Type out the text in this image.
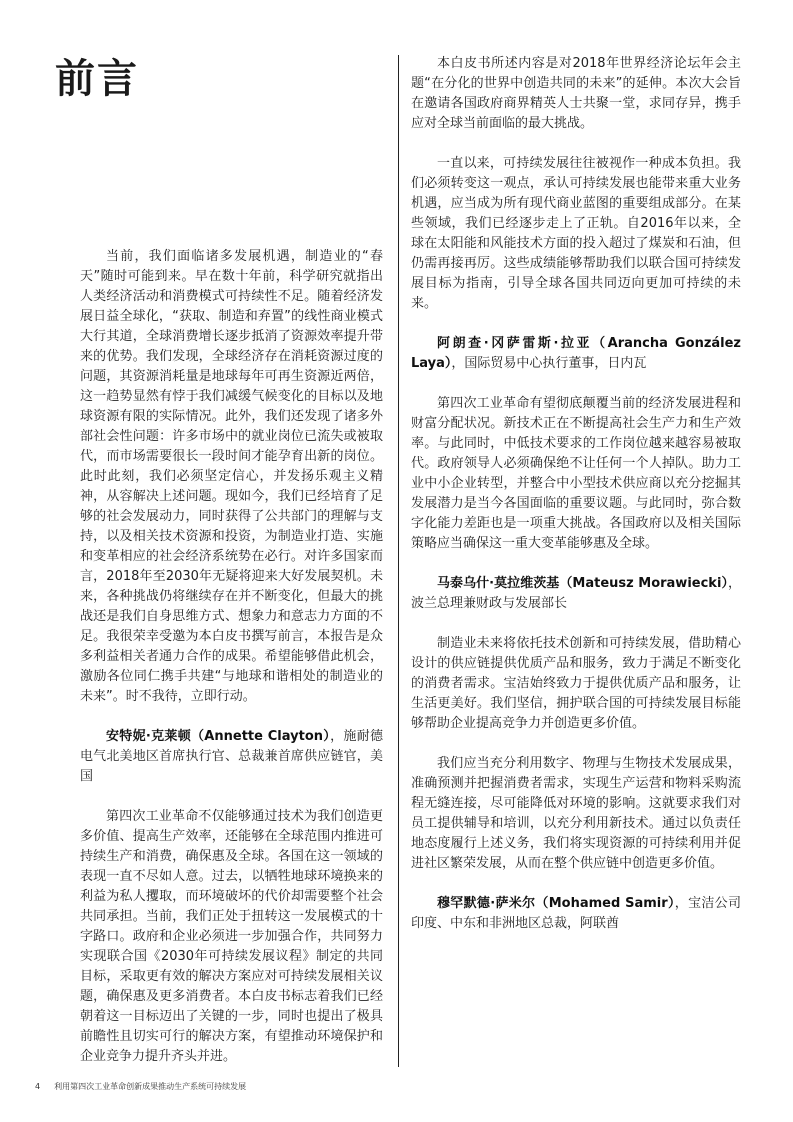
前言

当前，我们面临诸多发展机遇，制造业的“春天”随时可能到来。早在数十年前，科学研究就指出人类经济活动和消费模式可持续性不足。随着经济发展日益全球化，“获取、制造和弃置”的线性商业模式大行其道，全球消费增长逐步抵消了资源效率提升带来的优势。我们发现，全球经济存在消耗资源过度的问题，其资源消耗量是地球每年可再生资源近两倍，这一趋势显然有悖于我们减缓气候变化的目标以及地球资源有限的实际情况。此外，我们还发现了诸多外部社会性问题：许多市场中的就业岗位已流失或被取代，而市场需要很长一段时间才能孕育出新的岗位。此时此刻，我们必须坚定信心，并发扬乐观主义精神，从容解决上述问题。现如今，我们已经培育了足够的社会发展动力，同时获得了公共部门的理解与支持，以及相关技术资源和投资，为制造业打造、实施和变革相应的社会经济系统势在必行。对许多国家而言，2018年至2030年无疑将迎来大好发展契机。未来，各种挑战仍将继续存在并不断变化，但最大的挑战还是我们自身思维方式、想象力和意志力方面的不足。我很荣幸受邀为本白皮书撰写前言，本报告是众多利益相关者通力合作的成果。希望能够借此机会，激励各位同仁携手共建“与地球和谐相处的制造业的未来”。时不我待，立即行动。

安特妮·克莱顿（Annette Clayton），施耐德电气北美地区首席执行官、总裁兼首席供应链官，美国

第四次工业革命不仅能够通过技术为我们创造更多价值、提高生产效率，还能够在全球范围内推进可持续生产和消费，确保惠及全球。各国在这一领域的表现一直不尽如人意。过去，以牺牲地球环境换来的利益为私人攫取，而环境破坏的代价却需要整个社会共同承担。当前，我们正处于扭转这一发展模式的十字路口。政府和企业必须进一步加强合作，共同努力实现联合国《2030年可持续发展议程》制定的共同目标，采取更有效的解决方案应对可持续发展相关议题，确保惠及更多消费者。本白皮书标志着我们已经朝着这一目标迈出了关键的一步，同时也提出了极具前瞻性且切实可行的解决方案，有望推动环境保护和企业竞争力提升齐头并进。

本白皮书所述内容是对2018年世界经济论坛年会主题“在分化的世界中创造共同的未来”的延伸。本次大会旨在邀请各国政府商界精英人士共聚一堂，求同存异，携手应对全球当前面临的最大挑战。

一直以来，可持续发展往往被视作一种成本负担。我们必须转变这一观点，承认可持续发展也能带来重大业务机遇，应当成为所有现代商业蓝图的重要组成部分。在某些领域，我们已经逐步走上了正轨。自2016年以来，全球在太阳能和风能技术方面的投入超过了煤炭和石油，但仍需再接再厉。这些成绩能够帮助我们以联合国可持续发展目标为指南，引导全球各国共同迈向更加可持续的未来。

阿朗查·冈萨雷斯·拉亚（Arancha González Laya），国际贸易中心执行董事，日内瓦

第四次工业革命有望彻底颠覆当前的经济发展进程和财富分配状况。新技术正在不断提高社会生产力和生产效率。与此同时，中低技术要求的工作岗位越来越容易被取代。政府领导人必须确保绝不让任何一个人掉队。助力工业中小企业转型，并整合中小型技术供应商以充分挖掘其发展潜力是当今各国面临的重要议题。与此同时，弥合数字化能力差距也是一项重大挑战。各国政府以及相关国际策略应当确保这一重大变革能够惠及全球。

马泰乌什·莫拉维茨基（Mateusz Morawiecki），波兰总理兼财政与发展部长

制造业未来将依托技术创新和可持续发展，借助精心设计的供应链提供优质产品和服务，致力于满足不断变化的消费者需求。宝洁始终致力于提供优质产品和服务，让生活更美好。我们坚信，拥护联合国的可持续发展目标能够帮助企业提高竞争力并创造更多价值。

我们应当充分利用数字、物理与生物技术发展成果，准确预测并把握消费者需求，实现生产运营和物料采购流程无缝连接，尽可能降低对环境的影响。这就要求我们对员工提供辅导和培训，以充分利用新技术。通过以负责任地态度履行上述义务，我们将实现资源的可持续利用并促进社区繁荣发展，从而在整个供应链中创造更多价值。

穆罕默德·萨米尔（Mohamed Samir），宝洁公司印度、中东和非洲地区总裁，阿联酋

4 利用第四次工业革命创新成果推动生产系统可持续发展
